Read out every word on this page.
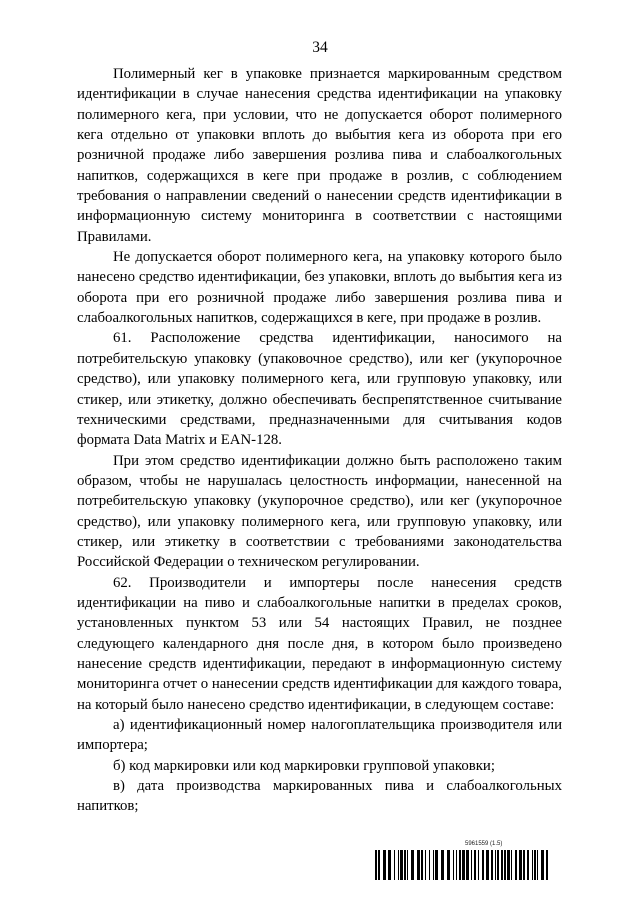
34

Полимерный кег в упаковке признается маркированным средством идентификации в случае нанесения средства идентификации на упаковку полимерного кега, при условии, что не допускается оборот полимерного кега отдельно от упаковки вплоть до выбытия кега из оборота при его розничной продаже либо завершения розлива пива и слабоалкогольных напитков, содержащихся в кеге при продаже в розлив, с соблюдением требования о направлении сведений о нанесении средств идентификации в информационную систему мониторинга в соответствии с настоящими Правилами.

Не допускается оборот полимерного кега, на упаковку которого было нанесено средство идентификации, без упаковки, вплоть до выбытия кега из оборота при его розничной продаже либо завершения розлива пива и слабоалкогольных напитков, содержащихся в кеге, при продаже в розлив.

61. Расположение средства идентификации, наносимого на потребительскую упаковку (упаковочное средство), или кег (укупорочное средство), или упаковку полимерного кега, или групповую упаковку, или стикер, или этикетку, должно обеспечивать беспрепятственное считывание техническими средствами, предназначенными для считывания кодов формата Data Matrix и EAN-128.

При этом средство идентификации должно быть расположено таким образом, чтобы не нарушалась целостность информации, нанесенной на потребительскую упаковку (укупорочное средство), или кег (укупорочное средство), или упаковку полимерного кега, или групповую упаковку, или стикер, или этикетку в соответствии с требованиями законодательства Российской Федерации о техническом регулировании.

62. Производители и импортеры после нанесения средств идентификации на пиво и слабоалкогольные напитки в пределах сроков, установленных пунктом 53 или 54 настоящих Правил, не позднее следующего календарного дня после дня, в котором было произведено нанесение средств идентификации, передают в информационную систему мониторинга отчет о нанесении средств идентификации для каждого товара, на который было нанесено средство идентификации, в следующем составе:

а) идентификационный номер налогоплательщика производителя или импортера;

б) код маркировки или код маркировки групповой упаковки;

в) дата производства маркированных пива и слабоалкогольных напитков;

5961559 (1.5)
